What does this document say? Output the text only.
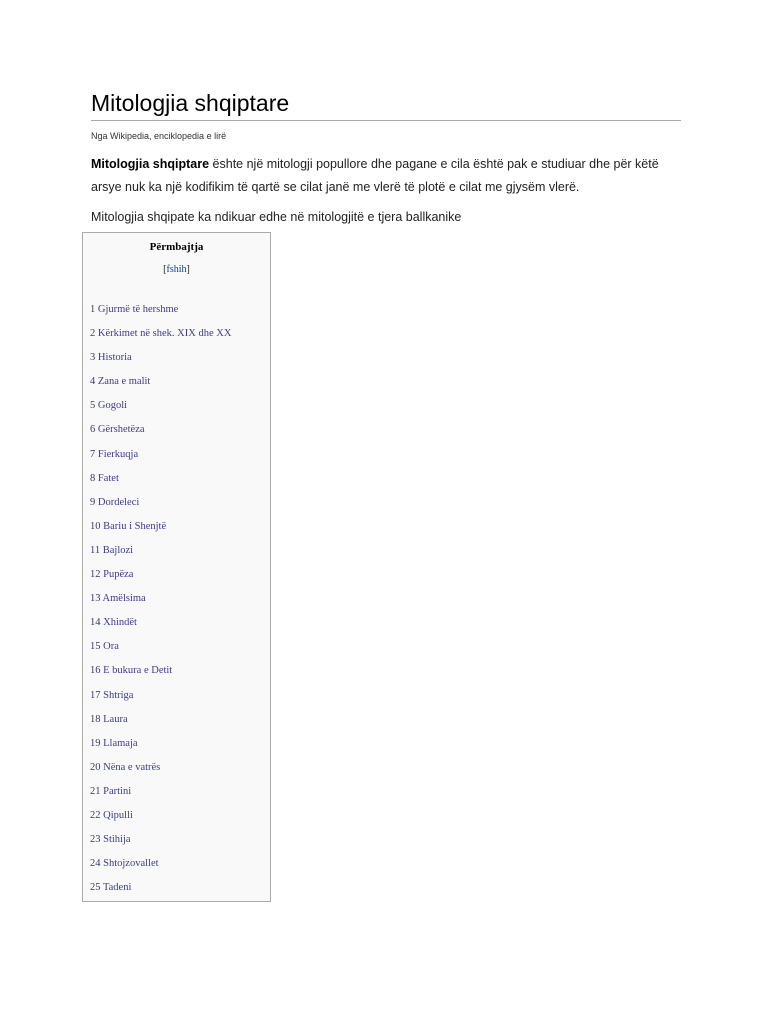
Mitologjia shqiptare
Nga Wikipedia, enciklopedia e lirë

Mitologjia shqiptare ështe një mitologji popullore dhe pagane e cila është pak e studiuar dhe për këtë arsye nuk ka një kodifikim të qartë se cilat janë me vlerë të plotë e cilat me gjysëm vlerë.

Mitologjia shqipate ka ndikuar edhe në mitologjitë e tjera ballkanike

Përmbajtja
[fshih]
1 Gjurmë të hershme
2 Kërkimet në shek. XIX dhe XX
3 Historia
4 Zana e malit
5 Gogoli
6 Gërshetëza
7 Fierkuqja
8 Fatet
9 Dordeleci
10 Bariu i Shenjtë
11 Bajlozi
12 Pupëza
13 Amëlsima
14 Xhindët
15 Ora
16 E bukura e Detit
17 Shtriga
18 Laura
19 Llamaja
20 Nëna e vatrës
21 Partini
22 Qipulli
23 Stihija
24 Shtojzovallet
25 Tadeni
